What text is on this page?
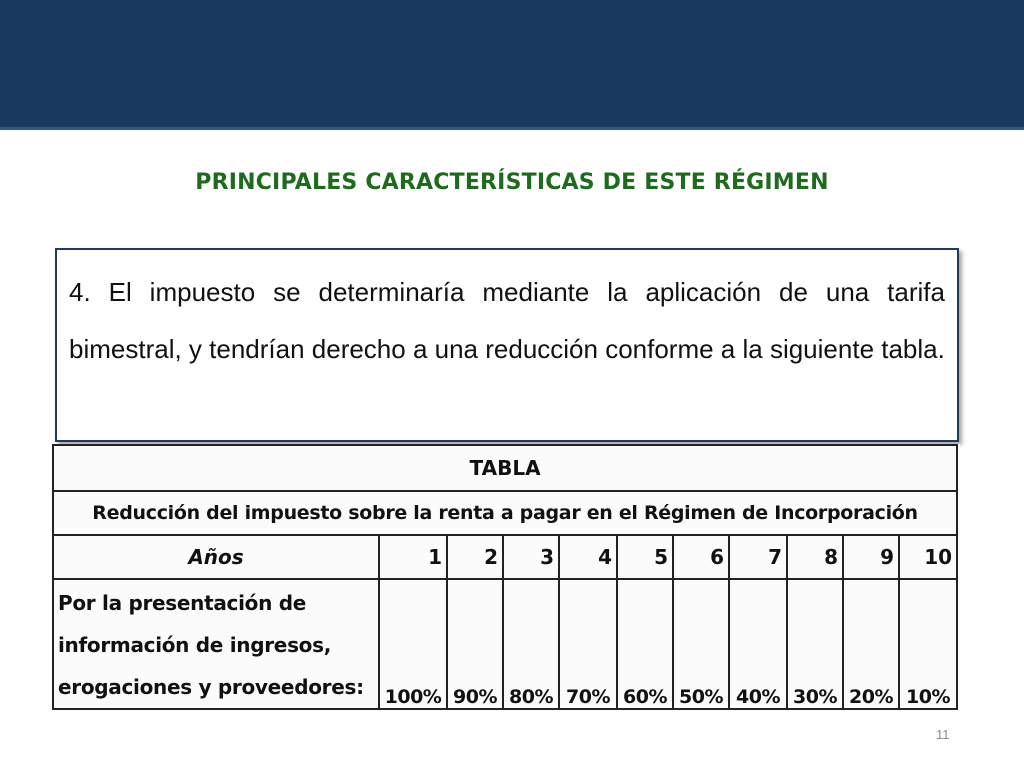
PRINCIPALES CARACTERÍSTICAS DE ESTE RÉGIMEN

4. El impuesto se determinaría mediante la aplicación de una tarifa bimestral, y tendrían derecho a una reducción conforme a la siguiente tabla.

TABLA										
Reducción del impuesto sobre la renta a pagar en el Régimen de Incorporación										
Años	1	2	3	4	5	6	7	8	9	10

Por la presentación de
información de ingresos,
erogaciones y proveedores:	100%	90%	80%	70%	60%	50%	40%	30%	20%	10%
11
